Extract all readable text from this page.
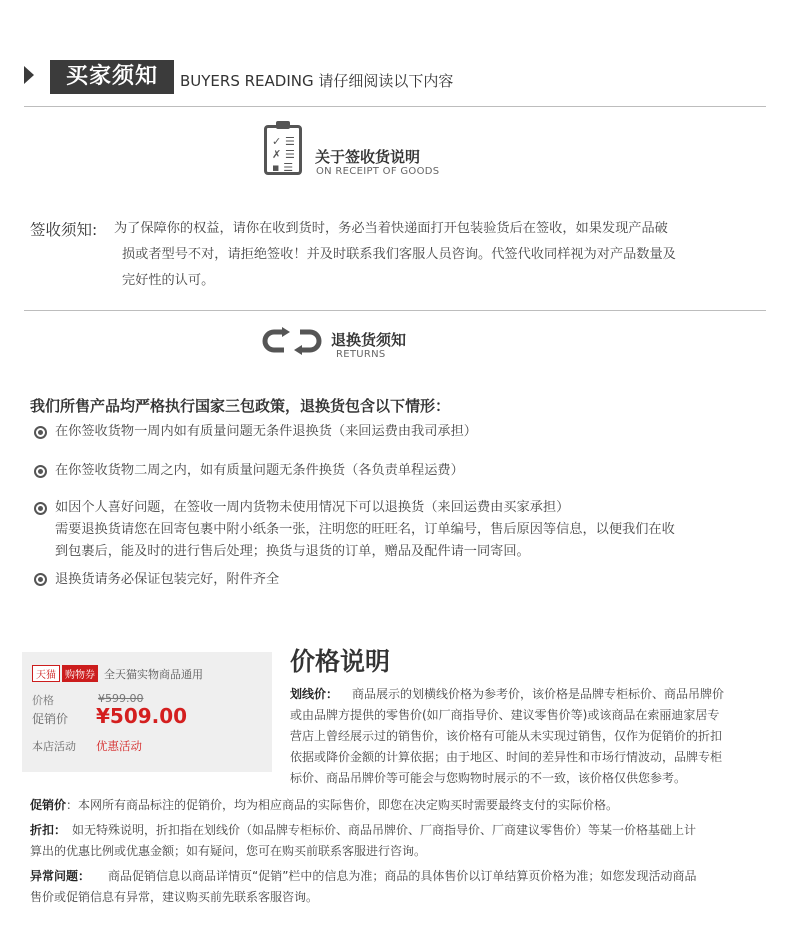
买家须知	BUYERS READING 请仔细阅读以下内容
✓ ☰
✗ ☰
▪ ☰
关于签收货说明
ON RECEIPT OF GOODS
签收须知: 为了保障你的权益，请你在收到货时，务必当着快递面打开包装验货后在签收，如果发现产品破
损或者型号不对，请拒绝签收！并及时联系我们客服人员咨询。代签代收同样视为对产品数量及
完好性的认可。
退换货须知
RETURNS
我们所售产品均严格执行国家三包政策，退换货包含以下情形：
在你签收货物一周内如有质量问题无条件退换货（来回运费由我司承担）
在你签收货物二周之内，如有质量问题无条件换货（各负责单程运费）
如因个人喜好问题，在签收一周内货物未使用情况下可以退换货（来回运费由买家承担）
需要退换货请您在回寄包裹中附小纸条一张，注明您的旺旺名，订单编号，售后原因等信息，以便我们在收
到包裹后，能及时的进行售后处理；换货与退货的订单，赠品及配件请一同寄回。
退换货请务必保证包装完好，附件齐全
天猫 购物券 全天猫实物商品通用
价格	¥599.00
促销价 ¥509.00
本店活动 优惠活动
价格说明
划线价： 商品展示的划横线价格为参考价，该价格是品牌专柜标价、商品吊牌价
或由品牌方提供的零售价(如厂商指导价、建议零售价等)或该商品在索丽迪家居专
营店上曾经展示过的销售价，该价格有可能从未实现过销售，仅作为促销价的折扣
依据或降价金额的计算依据；由于地区、时间的差异性和市场行情波动，品牌专柜
标价、商品吊牌价等可能会与您购物时展示的不一致，该价格仅供您参考。
促销价：本网所有商品标注的促销价，均为相应商品的实际售价，即您在决定购买时需要最终支付的实际价格。
折扣： 如无特殊说明，折扣指在划线价（如品牌专柜标价、商品吊牌价、厂商指导价、厂商建议零售价）等某一价格基础上计
算出的优惠比例或优惠金额；如有疑问，您可在购买前联系客服进行咨询。
异常问题： 商品促销信息以商品详情页“促销”栏中的信息为准；商品的具体售价以订单结算页价格为准；如您发现活动商品
售价或促销信息有异常，建议购买前先联系客服咨询。
